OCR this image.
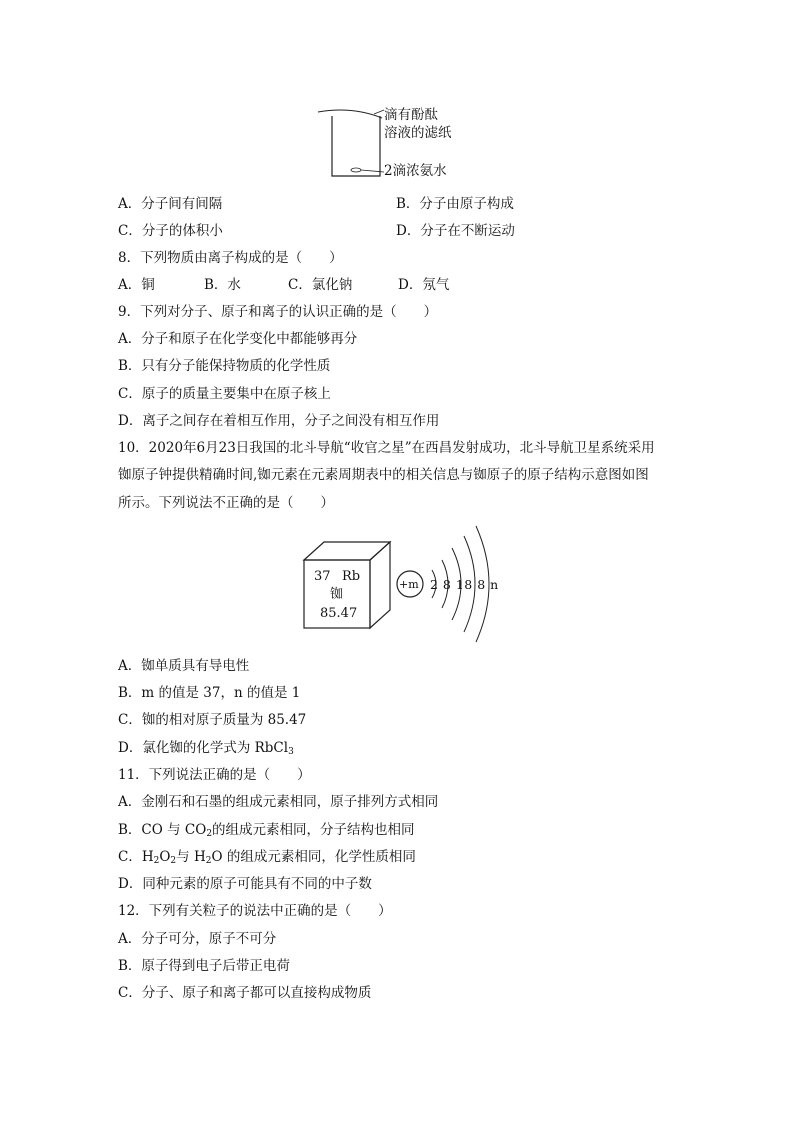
滴有酚酞
溶液的滤纸
2滴浓氨水
A．分子间有间隔	B．分子由原子构成
C．分子的体积小	D．分子在不断运动
8．下列物质由离子构成的是（　　）
A．铜	B．水	C．氯化钠	D．氖气
9．下列对分子、原子和离子的认识正确的是（　　）
A．分子和原子在化学变化中都能够再分
B．只有分子能保持物质的化学性质
C．原子的质量主要集中在原子核上
D．离子之间存在着相互作用，分子之间没有相互作用
10．2020年6月23日我国的北斗导航“收官之星”在西昌发射成功，北斗导航卫星系统采用
铷原子钟提供精确时间,铷元素在元素周期表中的相关信息与铷原子的原子结构示意图如图
所示。下列说法不正确的是（　　）
37 Rb
铷
85.47
+m 2 8 18 8 n
A．铷单质具有导电性
B．m 的值是 37，n 的值是 1
C．铷的相对原子质量为 85.47
D．氯化铷的化学式为 RbCl$_3$
11．下列说法正确的是（　　）
A．金刚石和石墨的组成元素相同，原子排列方式相同
B．CO 与 $CO_2$的组成元素相同，分子结构也相同
C．$H_2O_2$与 $H_2O$ 的组成元素相同，化学性质相同
D．同种元素的原子可能具有不同的中子数
12．下列有关粒子的说法中正确的是（　　）
A．分子可分，原子不可分
B．原子得到电子后带正电荷
C．分子、原子和离子都可以直接构成物质
